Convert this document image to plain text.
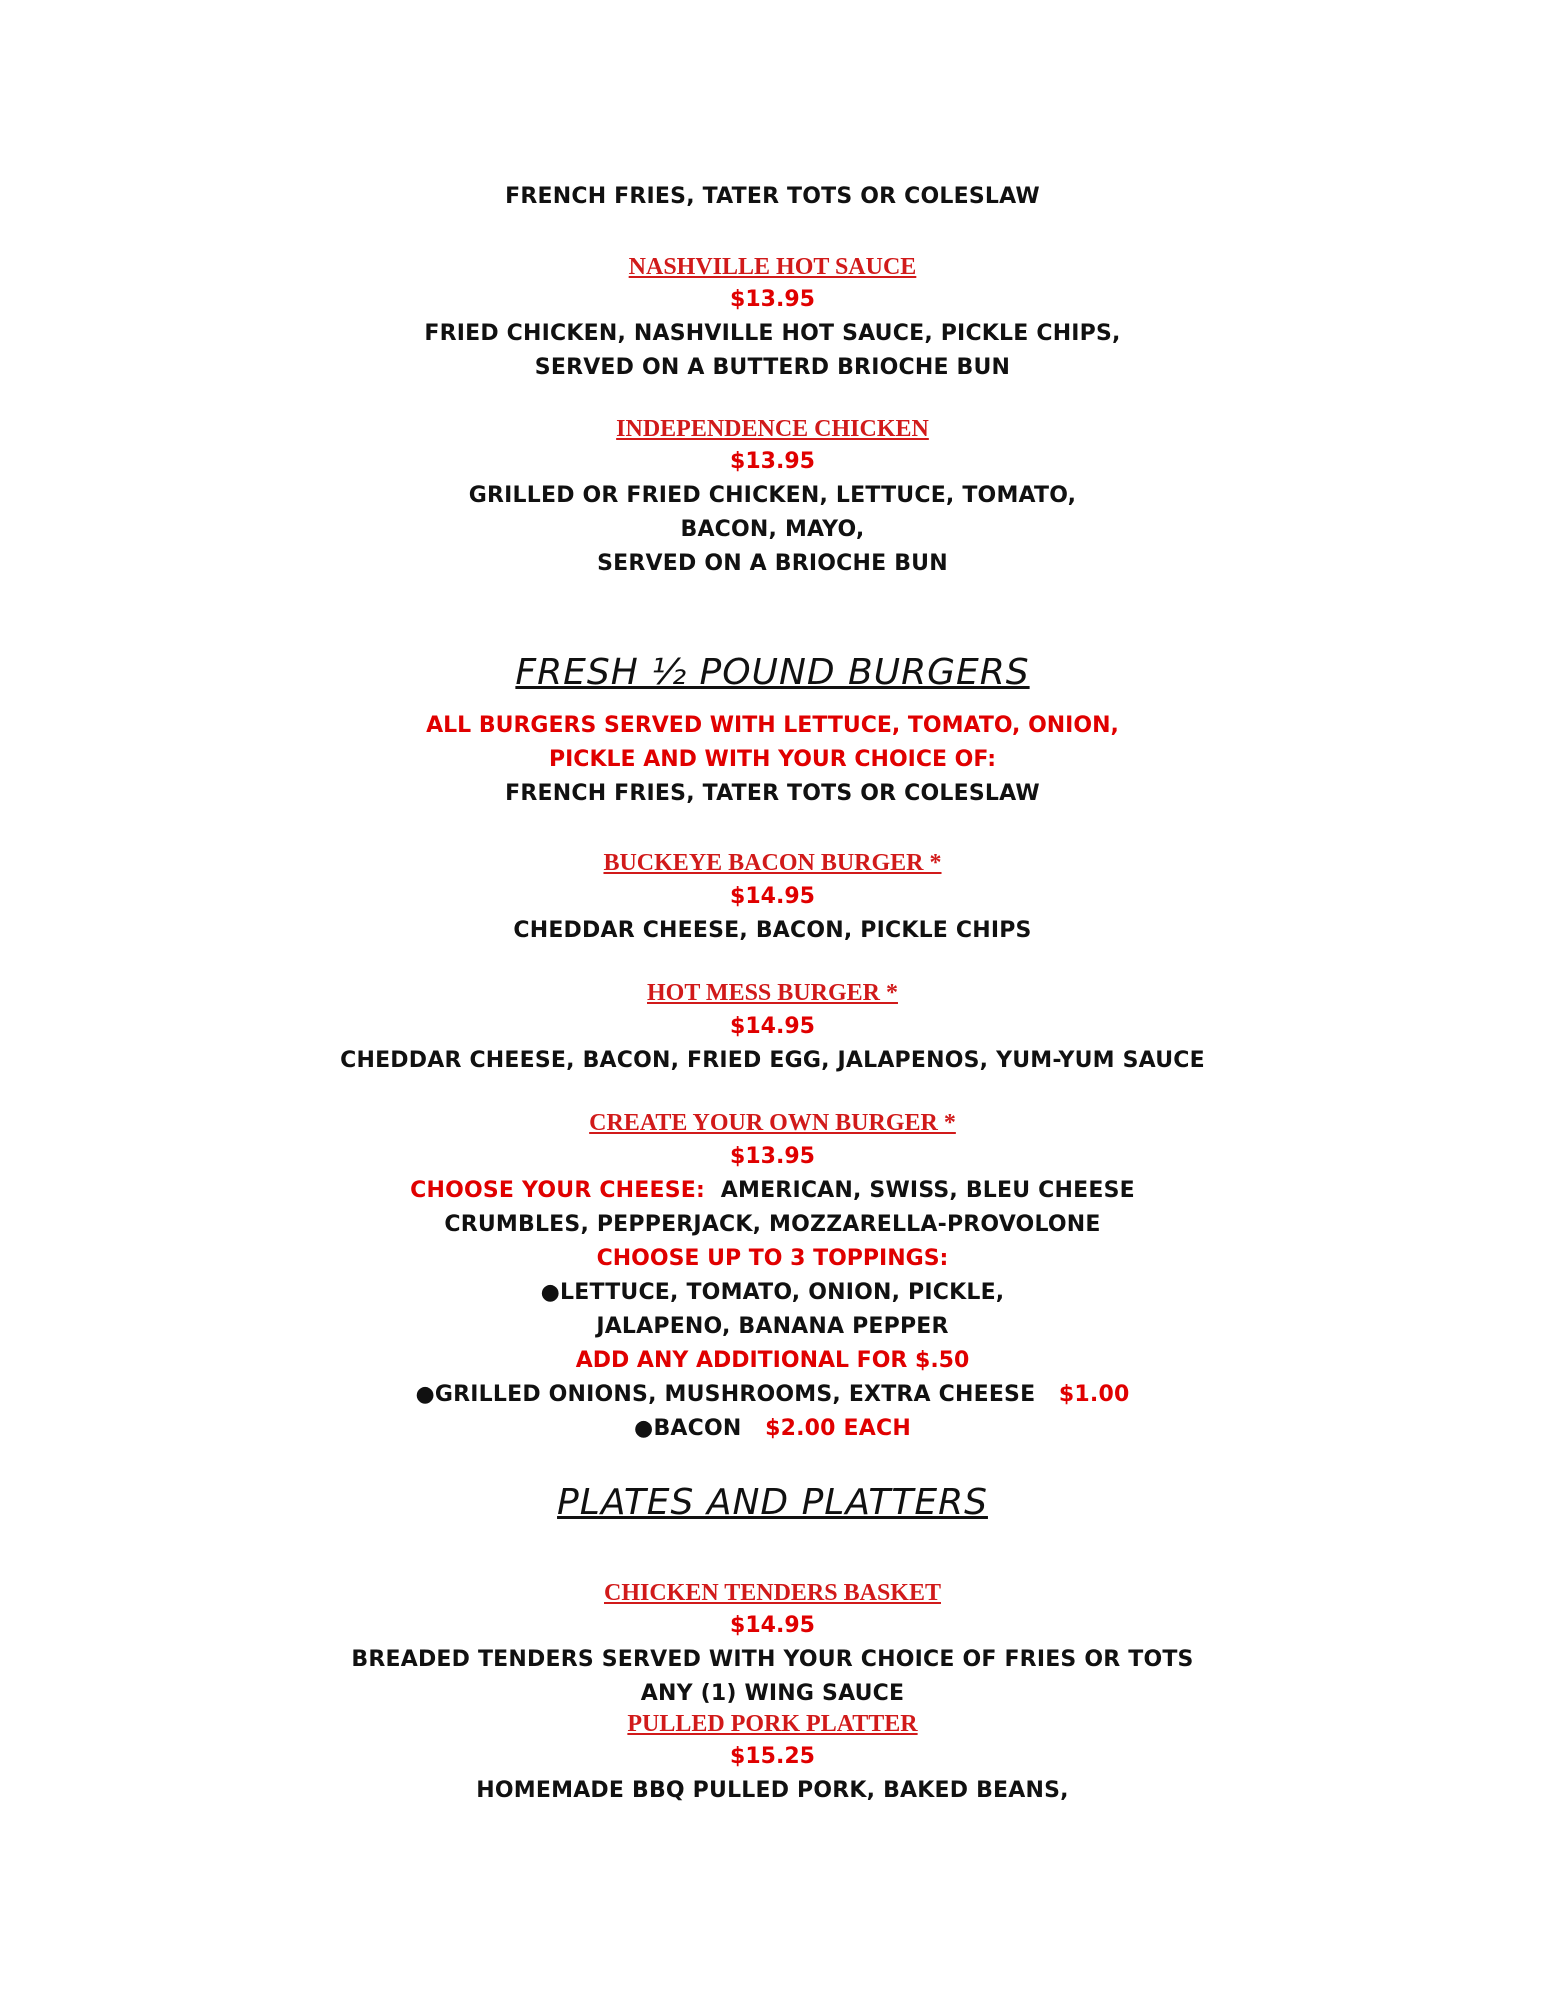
FRENCH FRIES, TATER TOTS OR COLESLAW
NASHVILLE HOT SAUCE
$13.95
FRIED CHICKEN, NASHVILLE HOT SAUCE, PICKLE CHIPS,
SERVED ON A BUTTERD BRIOCHE BUN
INDEPENDENCE CHICKEN
$13.95
GRILLED OR FRIED CHICKEN, LETTUCE, TOMATO,
BACON, MAYO,
SERVED ON A BRIOCHE BUN
FRESH ½ POUND BURGERS
ALL BURGERS SERVED WITH LETTUCE, TOMATO, ONION,
PICKLE AND WITH YOUR CHOICE OF:
FRENCH FRIES, TATER TOTS OR COLESLAW
BUCKEYE BACON BURGER *
$14.95
CHEDDAR CHEESE, BACON, PICKLE CHIPS
HOT MESS BURGER *
$14.95
CHEDDAR CHEESE, BACON, FRIED EGG, JALAPENOS, YUM-YUM SAUCE
CREATE YOUR OWN BURGER *
$13.95
CHOOSE YOUR CHEESE: AMERICAN, SWISS, BLEU CHEESE
CRUMBLES, PEPPERJACK, MOZZARELLA-PROVOLONE
CHOOSE UP TO 3 TOPPINGS:
●LETTUCE, TOMATO, ONION, PICKLE,
JALAPENO, BANANA PEPPER
ADD ANY ADDITIONAL FOR $.50
●GRILLED ONIONS, MUSHROOMS, EXTRA CHEESE $1.00
●BACON $2.00 EACH
PLATES AND PLATTERS
CHICKEN TENDERS BASKET
$14.95
BREADED TENDERS SERVED WITH YOUR CHOICE OF FRIES OR TOTS
ANY (1) WING SAUCE
PULLED PORK PLATTER
$15.25
HOMEMADE BBQ PULLED PORK, BAKED BEANS,
